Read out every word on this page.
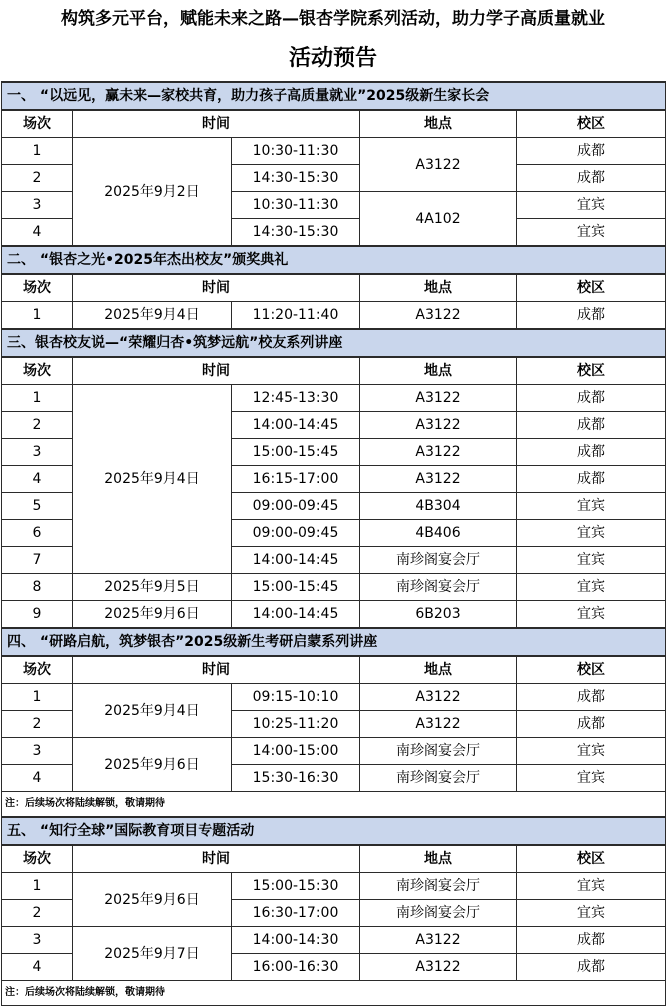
构筑多元平台，赋能未来之路—银杏学院系列活动，助力学子高质量就业
活动预告
一、 “以远见，赢未来—家校共育，助力孩子高质量就业”2025级新生家长会				
场次	时间		地点	校区
1	2025年9月2日	10:30-11:30	A3122	成都
2		14:30-15:30		成都
3		10:30-11:30	4A102	宜宾
4		14:30-15:30		宜宾
二、 “银杏之光•2025年杰出校友”颁奖典礼				
场次	时间		地点	校区
1	2025年9月4日	11:20-11:40	A3122	成都
三、银杏校友说—“荣耀归杏•筑梦远航”校友系列讲座				
场次	时间		地点	校区
1	2025年9月4日	12:45-13:30	A3122	成都
2		14:00-14:45	A3122	成都
3		15:00-15:45	A3122	成都
4		16:15-17:00	A3122	成都
5		09:00-09:45	4B304	宜宾
6		09:00-09:45	4B406	宜宾
7		14:00-14:45	南珍阁宴会厅	宜宾
8	2025年9月5日	15:00-15:45	南珍阁宴会厅	宜宾
9	2025年9月6日	14:00-14:45	6B203	宜宾
四、 “研路启航，筑梦银杏”2025级新生考研启蒙系列讲座				
场次	时间		地点	校区
1	2025年9月4日	09:15-10:10	A3122	成都
2		10:25-11:20	A3122	成都
3	2025年9月6日	14:00-15:00	南珍阁宴会厅	宜宾
4		15:30-16:30	南珍阁宴会厅	宜宾
注：后续场次将陆续解锁，敬请期待				
五、 “知行全球”国际教育项目专题活动				
场次	时间		地点	校区
1	2025年9月6日	15:00-15:30	南珍阁宴会厅	宜宾
2		16:30-17:00	南珍阁宴会厅	宜宾
3	2025年9月7日	14:00-14:30	A3122	成都
4		16:00-16:30	A3122	成都
注：后续场次将陆续解锁，敬请期待				
